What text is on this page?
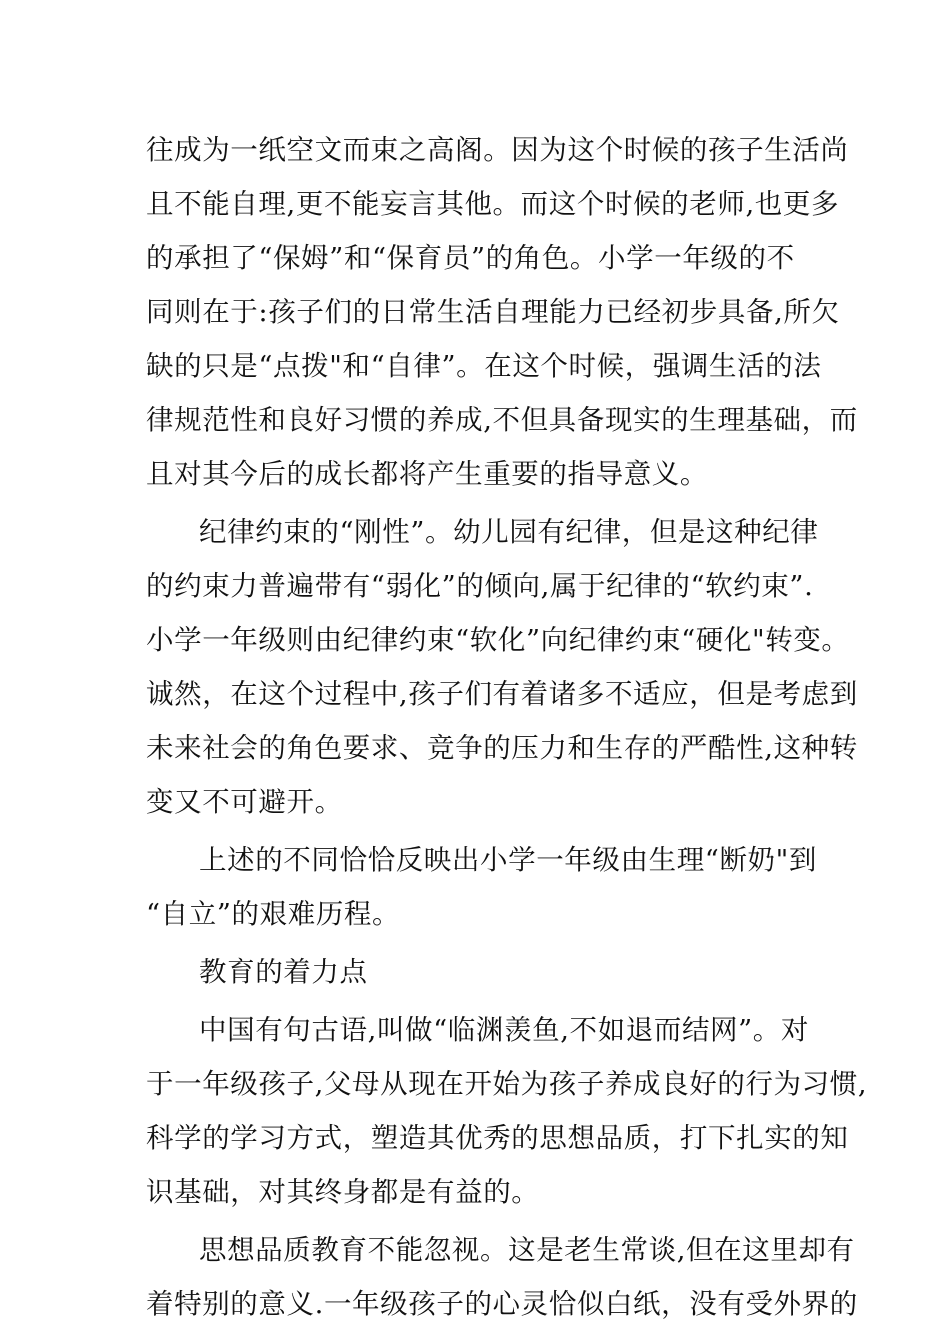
往成为一纸空文而束之高阁。因为这个时候的孩子生活尚
且不能自理,更不能妄言其他。而这个时候的老师,也更多
的承担了“保姆”和“保育员”的角色。小学一年级的不
同则在于:孩子们的日常生活自理能力已经初步具备,所欠
缺的只是“点拨"和“自律”。在这个时候，强调生活的法
律规范性和良好习惯的养成,不但具备现实的生理基础，而
且对其今后的成长都将产生重要的指导意义。
纪律约束的“刚性”。幼儿园有纪律，但是这种纪律
的约束力普遍带有“弱化”的倾向,属于纪律的“软约束”.
小学一年级则由纪律约束“软化”向纪律约束“硬化"转变。
诚然，在这个过程中,孩子们有着诸多不适应，但是考虑到
未来社会的角色要求、竞争的压力和生存的严酷性,这种转
变又不可避开。
上述的不同恰恰反映出小学一年级由生理“断奶"到
“自立”的艰难历程。
教育的着力点
中国有句古语,叫做“临渊羡鱼,不如退而结网”。对
于一年级孩子,父母从现在开始为孩子养成良好的行为习惯,
科学的学习方式，塑造其优秀的思想品质，打下扎实的知
识基础，对其终身都是有益的。
思想品质教育不能忽视。这是老生常谈,但在这里却有
着特别的意义.一年级孩子的心灵恰似白纸，没有受外界的
